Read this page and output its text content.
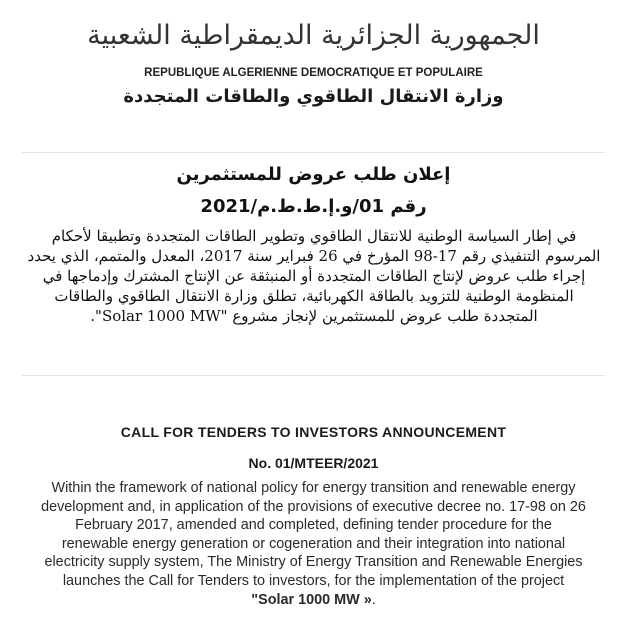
الجمهورية الجزائرية الديمقراطية الشعبية
REPUBLIQUE ALGERIENNE DEMOCRATIQUE ET POPULAIRE
وزارة الانتقال الطاقوي والطاقات المتجددة
إعلان طلب عروض للمستثمرين
رقم 01/و.إ.ط.ط.م/2021
في إطار السياسة الوطنية للانتقال الطاقوي وتطوير الطاقات المتجددة وتطبيقا لأحكام المرسوم التنفيذي رقم 17-98 المؤرخ في 26 فبراير سنة 2017، المعدل والمتمم، الذي يحدد إجراء طلب عروض لإنتاج الطاقات المتجددة أو المنبثقة عن الإنتاج المشترك وإدماجها في المنظومة الوطنية للتزويد بالطاقة الكهربائية، تطلق وزارة الانتقال الطاقوي والطاقات المتجددة طلب عروض للمستثمرين لإنجاز مشروع "Solar 1000 MW".
CALL FOR TENDERS TO INVESTORS ANNOUNCEMENT
No. 01/MTEER/2021
Within the framework of national policy for energy transition and renewable energy development and, in application of the provisions of executive decree no. 17-98 on 26 February 2017, amended and completed, defining tender procedure for the renewable energy generation or cogeneration and their integration into national electricity supply system, The Ministry of Energy Transition and Renewable Energies launches the Call for Tenders to investors, for the implementation of the project "Solar 1000 MW ».
